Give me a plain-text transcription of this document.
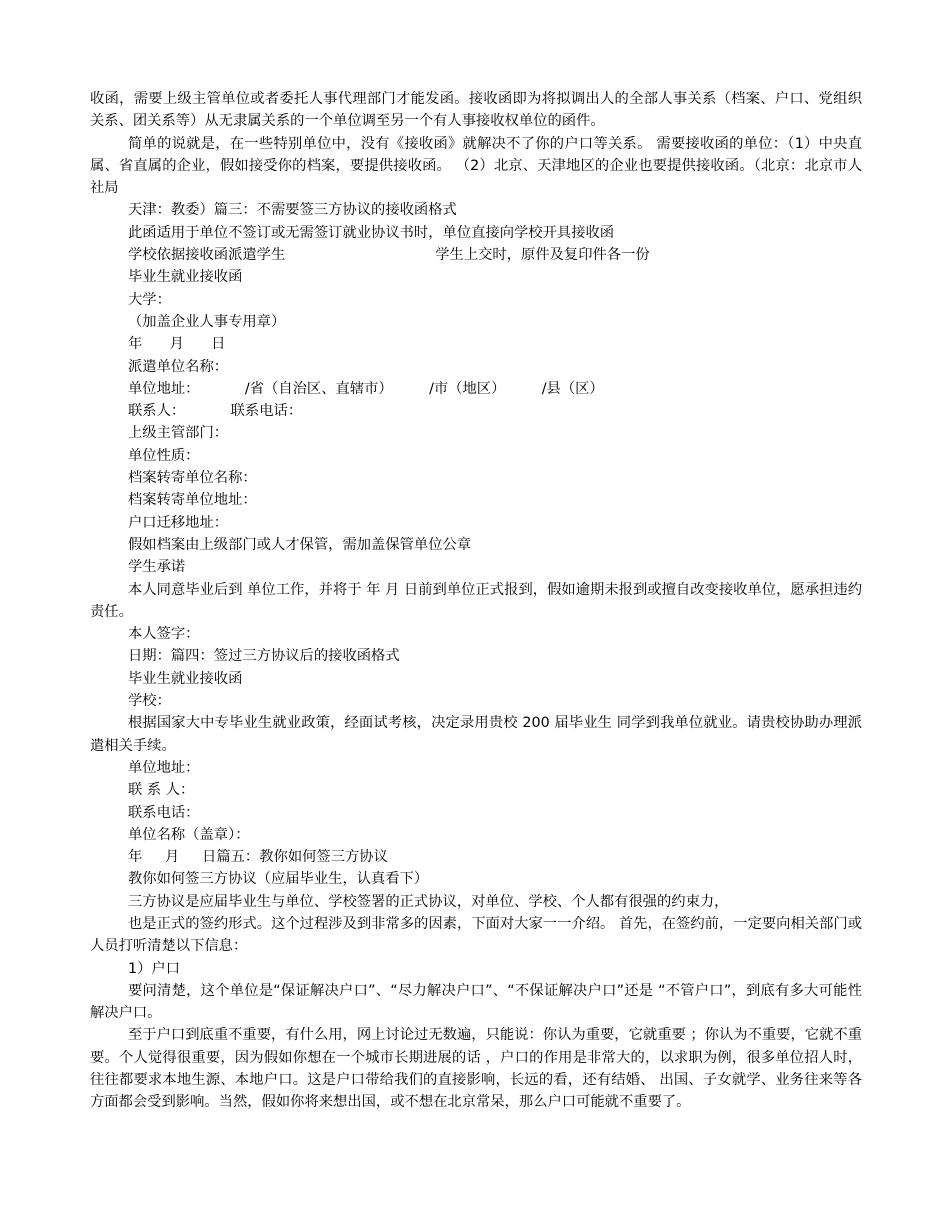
收函，需要上级主管单位或者委托人事代理部门才能发函。接收函即为将拟调出人的全部人事关系（档案、户口、党组织关系、团关系等）从无隶属关系的一个单位调至另一个有人事接收权单位的函件。
简单的说就是，在一些特别单位中，没有《接收函》就解决不了你的户口等关系。 需要接收函的单位：（1）中央直属、省直属的企业，假如接受你的档案，要提供接收函。 （2）北京、天津地区的企业也要提供接收函。（北京：北京市人社局
天津：教委）篇三：不需要签三方协议的接收函格式
此函适用于单位不签订或无需签订就业协议书时，单位直接向学校开具接收函
学校依据接收函派遣学生                                 学生上交时，原件及复印件各一份
毕业生就业接收函
大学：
（加盖企业人事专用章）
年      月      日
派遣单位名称：
单位地址：          /省（自治区、直辖市）        /市（地区）        /县（区）
联系人：          联系电话：
上级主管部门：
单位性质：
档案转寄单位名称：
档案转寄单位地址：
户口迁移地址：
假如档案由上级部门或人才保管，需加盖保管单位公章
学生承诺
本人同意毕业后到 单位工作，并将于 年 月 日前到单位正式报到，假如逾期未报到或擅自改变接收单位，愿承担违约责任。
本人签字：
日期：篇四：签过三方协议后的接收函格式
毕业生就业接收函
学校：
根据国家大中专毕业生就业政策，经面试考核，决定录用贵校 200 届毕业生 同学到我单位就业。请贵校协助办理派遣相关手续。
单位地址：
联 系 人：
联系电话：
单位名称（盖章）：
年     月     日篇五：教你如何签三方协议
教你如何签三方协议（应届毕业生，认真看下）
三方协议是应届毕业生与单位、学校签署的正式协议，对单位、学校、个人都有很强的约束力，
也是正式的签约形式。这个过程涉及到非常多的因素，下面对大家一一介绍。 首先，在签约前，一定要向相关部门或人员打听清楚以下信息：
1）户口
要问清楚，这个单位是“保证解决户口”、“尽力解决户口”、“不保证解决户口”还是 “不管户口”，到底有多大可能性解决户口。
至于户口到底重不重要，有什么用，网上讨论过无数遍，只能说：你认为重要，它就重要 ；你认为不重要，它就不重要。个人觉得很重要，因为假如你想在一个城市长期进展的话 ，户口的作用是非常大的，以求职为例，很多单位招人时，往往都要求本地生源、本地户口。这是户口带给我们的直接影响，长远的看，还有结婚、 出国、子女就学、业务往来等各方面都会受到影响。当然，假如你将来想出国，或不想在北京常呆，那么户口可能就不重要了。
